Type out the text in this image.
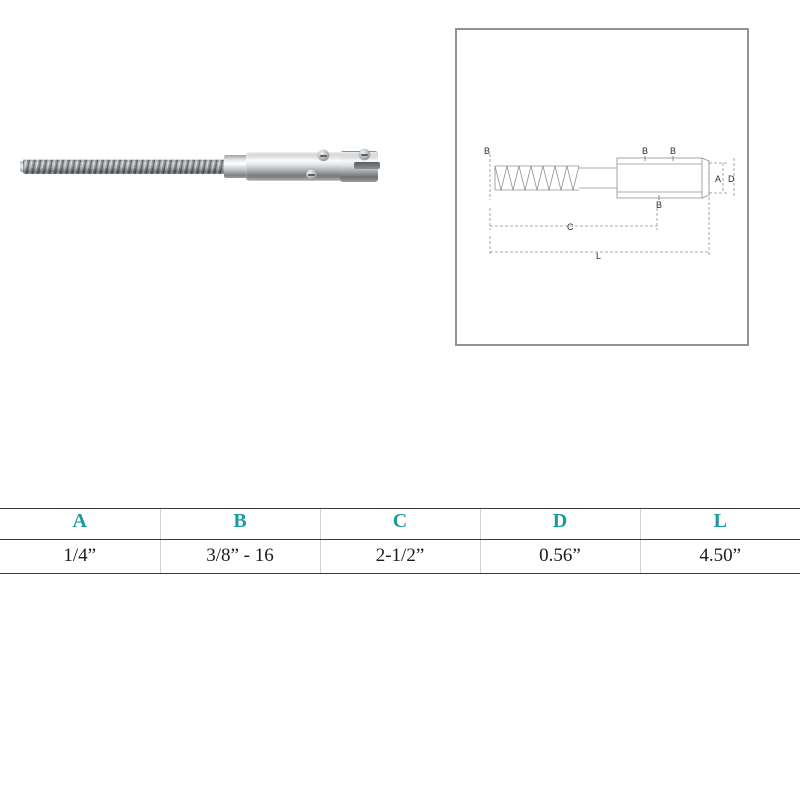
B	B B
B
C
L
A D
A	B	C	D	L
1/4”	3/8” - 16	2-1/2”	0.56”	4.50”
